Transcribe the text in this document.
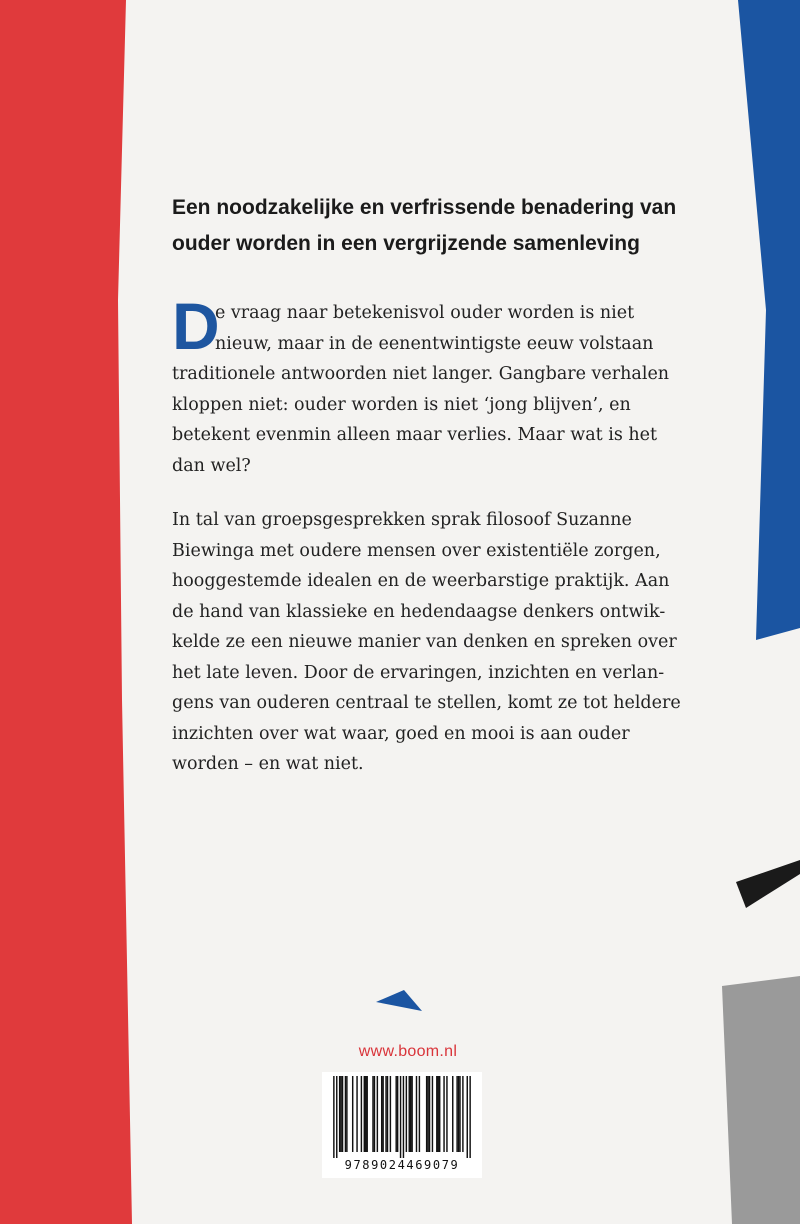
Een noodzakelijke en verfrissende benadering van
ouder worden in een vergrijzende samenleving
D
e vraag naar betekenisvol ouder worden is niet
nieuw, maar in de eenentwintigste eeuw volstaan
traditionele antwoorden niet langer. Gangbare verhalen
kloppen niet: ouder worden is niet ‘jong blijven’, en
betekent evenmin alleen maar verlies. Maar wat is het
dan wel?
In tal van groepsgesprekken sprak filosoof Suzanne
Biewinga met oudere mensen over existentiële zorgen,
hooggestemde idealen en de weerbarstige praktijk. Aan
de hand van klassieke en hedendaagse denkers ontwik-
kelde ze een nieuwe manier van denken en spreken over
het late leven. Door de ervaringen, inzichten en verlan-
gens van ouderen centraal te stellen, komt ze tot heldere
inzichten over wat waar, goed en mooi is aan ouder
worden – en wat niet.
www.boom.nl
9789024469079
